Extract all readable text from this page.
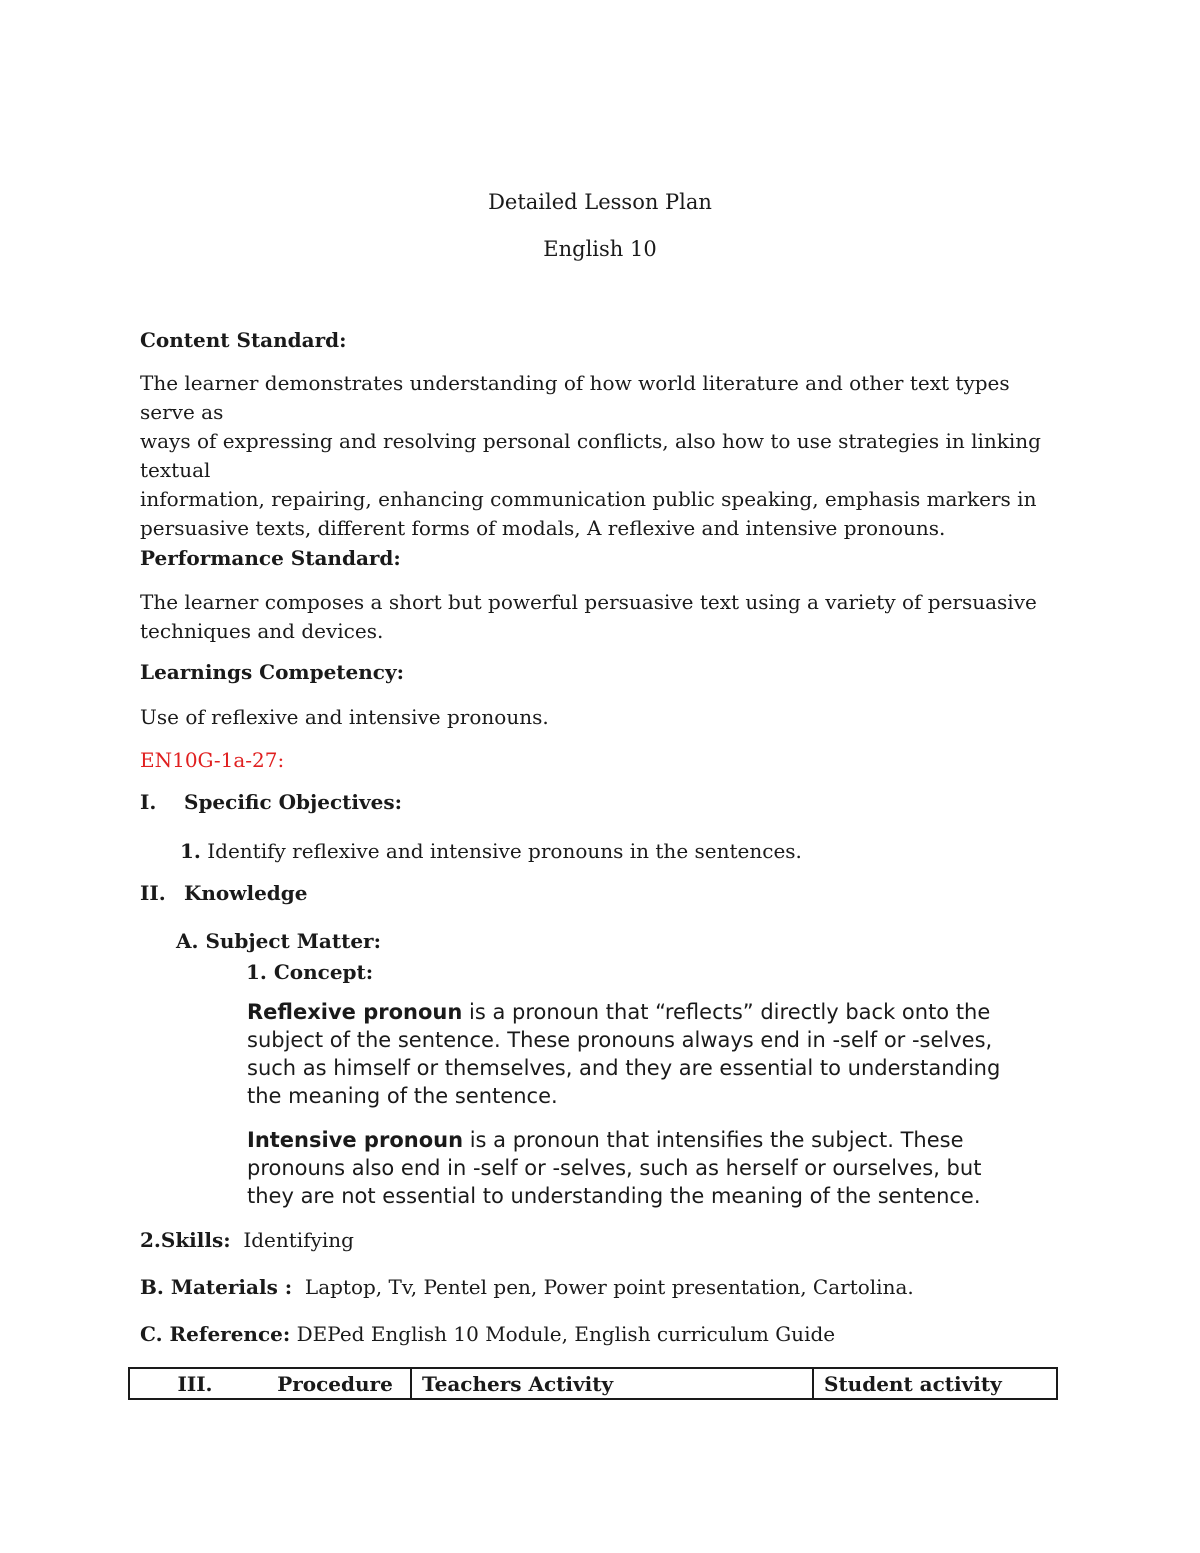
Detailed Lesson Plan
English 10
Content Standard:
The learner demonstrates understanding of how world literature and other text types serve as
ways of expressing and resolving personal conflicts, also how to use strategies in linking textual
information, repairing, enhancing communication public speaking, emphasis markers in
persuasive texts, different forms of modals, A reflexive and intensive pronouns.
Performance Standard:
The learner composes a short but powerful persuasive text using a variety of persuasive
techniques and devices.
Learnings Competency:
Use of reflexive and intensive pronouns.
EN10G-1a-27:
I. Specific Objectives:
1. Identify reflexive and intensive pronouns in the sentences.
II. Knowledge
A. Subject Matter:
1. Concept:
Reflexive pronoun is a pronoun that “reflects” directly back onto the
subject of the sentence. These pronouns always end in -self or -selves,
such as himself or themselves, and they are essential to understanding
the meaning of the sentence.
Intensive pronoun is a pronoun that intensifies the subject. These
pronouns also end in -self or -selves, such as herself or ourselves, but
they are not essential to understanding the meaning of the sentence.
2.Skills: Identifying
B. Materials : Laptop, Tv, Pentel pen, Power point presentation, Cartolina.
C. Reference: DEPed English 10 Module, English curriculum Guide
III.	Procedure	Teachers Activity	Student activity
